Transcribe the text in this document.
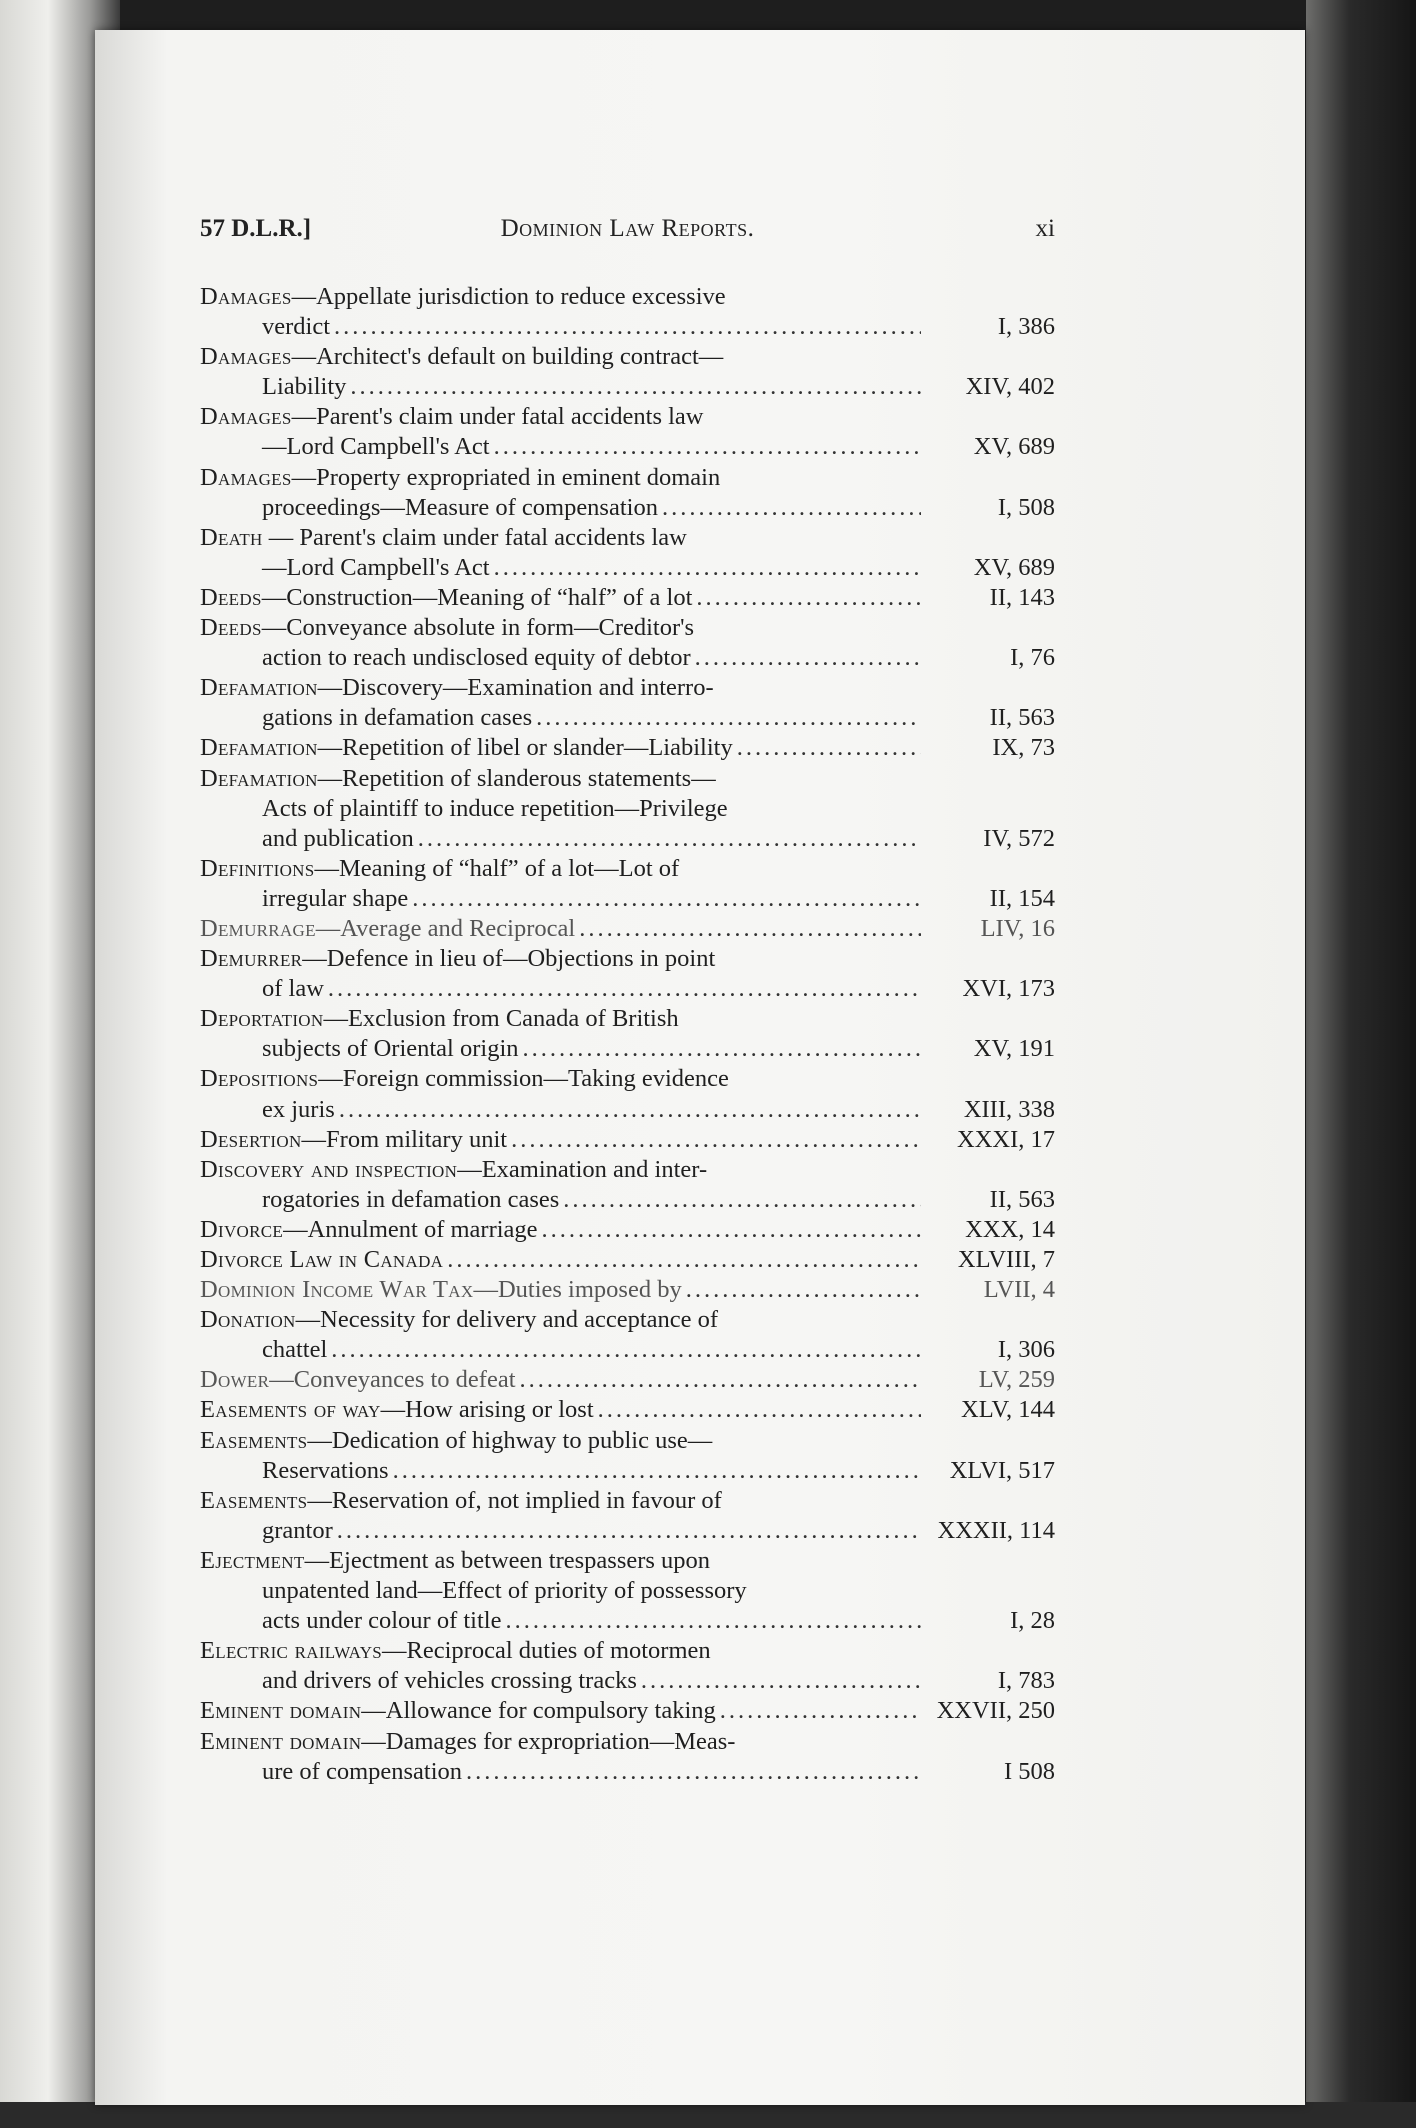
57 D.L.R.]	Dominion Law Reports.	xi
Damages—Appellate jurisdiction to reduce excessive
verdict .....	I, 386
Damages—Architect's default on building contract—
Liability .....	XIV, 402
Damages—Parent's claim under fatal accidents law
—Lord Campbell's Act .....	XV, 689
Damages—Property expropriated in eminent domain
proceedings—Measure of compensation .....	I, 508
Death — Parent's claim under fatal accidents law
—Lord Campbell's Act .....	XV, 689
Deeds—Construction—Meaning of “half” of a lot .....	II, 143
Deeds—Conveyance absolute in form—Creditor's
action to reach undisclosed equity of debtor .....	I, 76
Defamation—Discovery—Examination and interro-
gations in defamation cases .....	II, 563
Defamation—Repetition of libel or slander—Liability .....	IX, 73
Defamation—Repetition of slanderous statements—
Acts of plaintiff to induce repetition—Privilege
and publication .....	IV, 572
Definitions—Meaning of “half” of a lot—Lot of
irregular shape .....	II, 154
Demurrage—Average and Reciprocal .....	LIV, 16
Demurrer—Defence in lieu of—Objections in point
of law .....	XVI, 173
Deportation—Exclusion from Canada of British
subjects of Oriental origin .....	XV, 191
Depositions—Foreign commission—Taking evidence
ex juris .....	XIII, 338
Desertion—From military unit .....	XXXI, 17
Discovery and inspection—Examination and inter-
rogatories in defamation cases .....	II, 563
Divorce—Annulment of marriage .....	XXX, 14
Divorce Law in Canada .....	XLVIII, 7
Dominion Income War Tax—Duties imposed by .....	LVII, 4
Donation—Necessity for delivery and acceptance of
chattel .....	I, 306
Dower—Conveyances to defeat .....	LV, 259
Easements of way—How arising or lost .....	XLV, 144
Easements—Dedication of highway to public use—
Reservations .....	XLVI, 517
Easements—Reservation of, not implied in favour of
grantor .....	XXXII, 114
Ejectment—Ejectment as between trespassers upon
unpatented land—Effect of priority of possessory
acts under colour of title .....	I, 28
Electric railways—Reciprocal duties of motormen
and drivers of vehicles crossing tracks .....	I, 783
Eminent domain—Allowance for compulsory taking .....	XXVII, 250
Eminent domain—Damages for expropriation—Meas-
ure of compensation .....	I 508
